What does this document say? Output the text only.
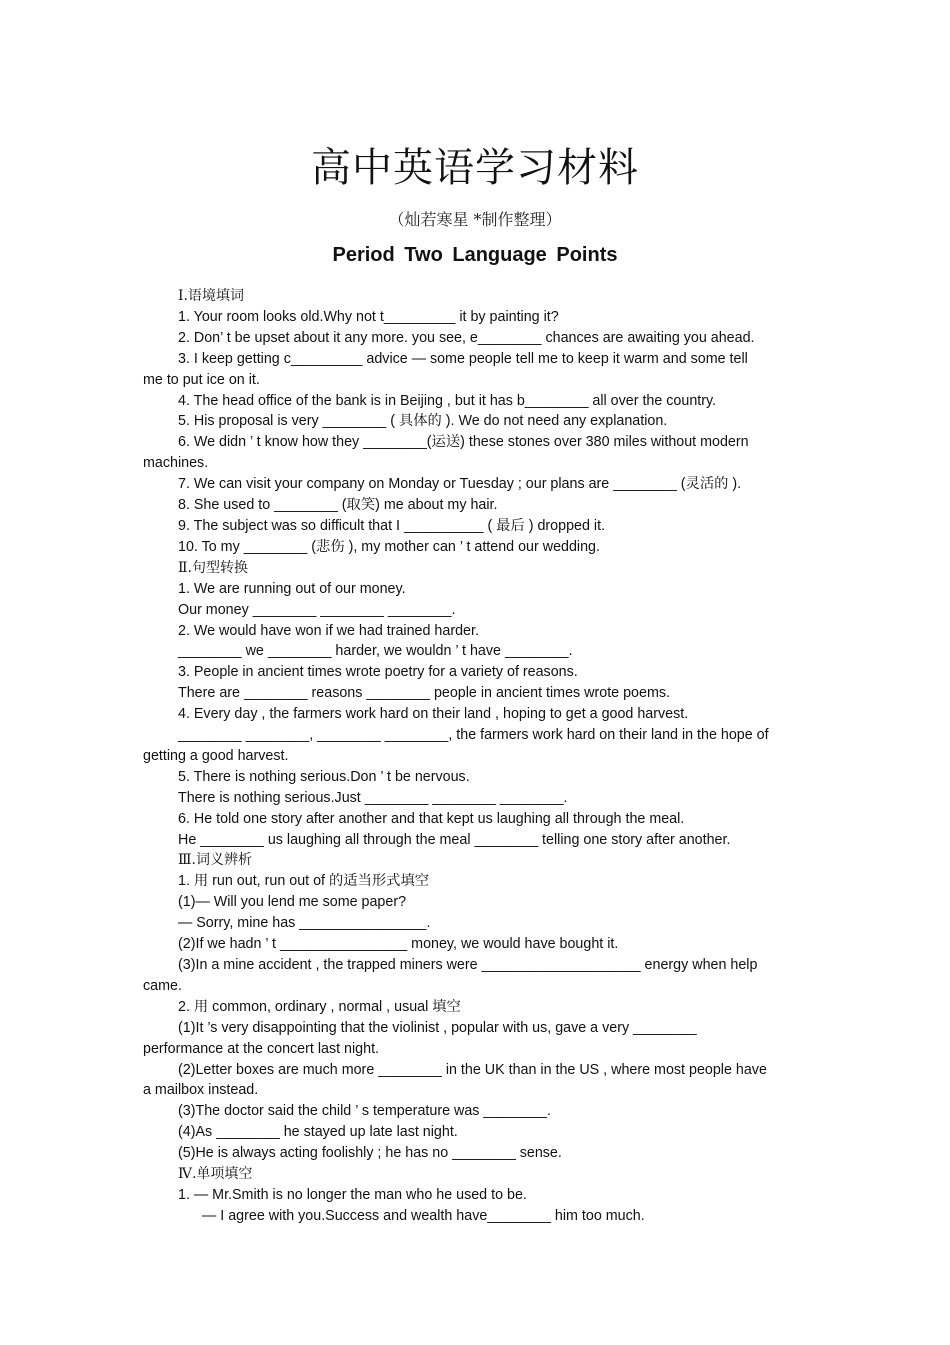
高中英语学习材料
（灿若寒星 *制作整理）
Period Two Language Points
Ⅰ.语境填词
1. Your room looks old.Why not t_________ it by painting it?
2. Don’ t be upset about it any more. you see, e________ chances are awaiting you ahead.
3. I keep getting c_________ advice — some people tell me to keep it warm and some tell
me to put ice on it.
4. The head office of the bank is in Beijing , but it has b________ all over the country.
5. His proposal is very ________ ( 具体的 ). We do not need any explanation.
6. We didn ’ t know how they ________(运送) these stones over 380 miles without modern
machines.
7. We can visit your company on Monday or Tuesday ; our plans are ________ (灵活的 ).
8. She used to ________ (取笑) me about my hair.
9. The subject was so difficult that I __________ ( 最后 ) dropped it.
10. To my ________ (悲伤 ), my mother can ’ t attend our wedding.
Ⅱ.句型转换
1. We are running out of our money.
Our money ________ ________ ________.
2. We would have won if we had trained harder.
________ we ________ harder, we wouldn ’ t have ________.
3. People in ancient times wrote poetry for a variety of reasons.
There are ________ reasons ________ people in ancient times wrote poems.
4. Every day , the farmers work hard on their land , hoping to get a good harvest.
________ ________, ________ ________, the farmers work hard on their land in the hope of
getting a good harvest.
5. There is nothing serious.Don ’ t be nervous.
There is nothing serious.Just ________ ________ ________.
6. He told one story after another and that kept us laughing all through the meal.
He ________ us laughing all through the meal ________ telling one story after another.
Ⅲ.词义辨析
1. 用 run out, run out of 的适当形式填空
(1)— Will you lend me some paper?
— Sorry, mine has ________________.
(2)If we hadn ’ t ________________ money, we would have bought it.
(3)In a mine accident , the trapped miners were ____________________ energy when help
came.
2. 用 common, ordinary , normal , usual 填空
(1)It ’s very disappointing that the violinist , popular with us, gave a very ________
performance at the concert last night.
(2)Letter boxes are much more ________ in the UK than in the US , where most people have
a mailbox instead.
(3)The doctor said the child ’ s temperature was ________.
(4)As ________ he stayed up late last night.
(5)He is always acting foolishly ; he has no ________ sense.
Ⅳ.单项填空
1. — Mr.Smith is no longer the man who he used to be.
— I agree with you.Success and wealth have________ him too much.
